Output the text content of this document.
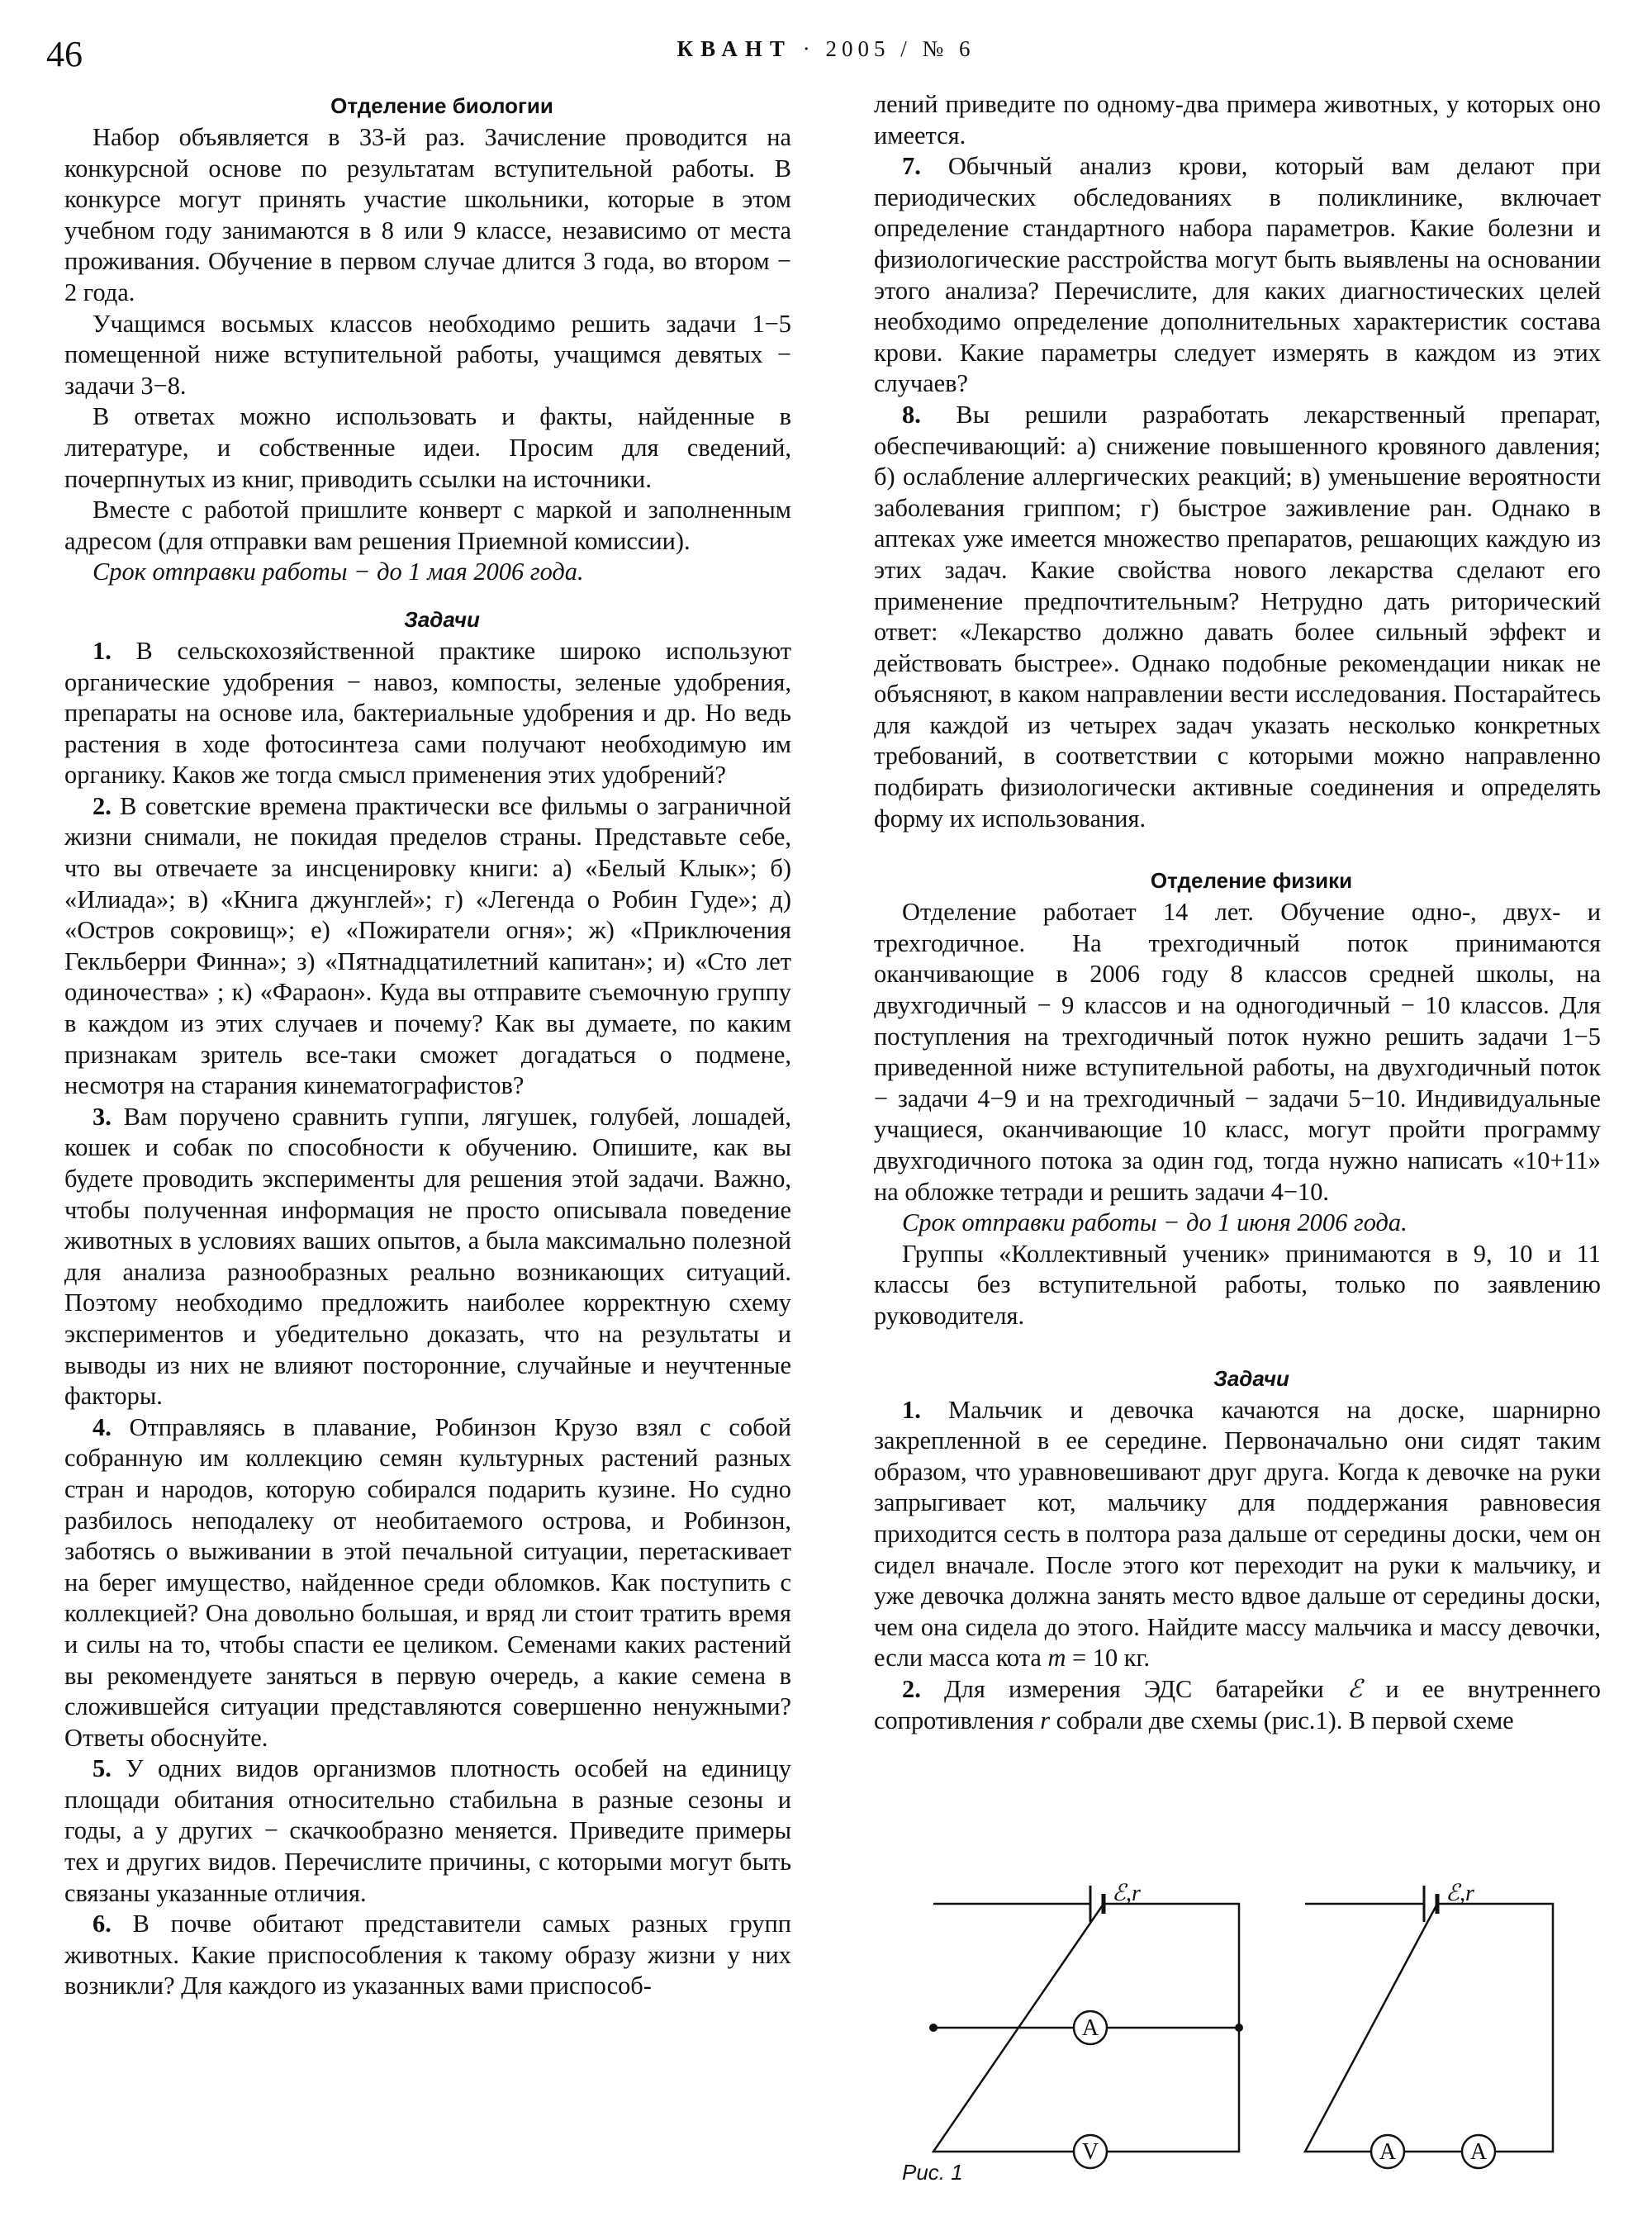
46	КВАНТ · 2005 / № 6

Отделение биологии

Набор объявляется в 33-й раз. Зачисление проводится на конкурсной основе по результатам вступительной работы. В конкурсе могут принять участие школьники, которые в этом учебном году занимаются в 8 или 9 классе, независимо от места проживания. Обучение в первом случае длится 3 года, во втором − 2 года.

Учащимся восьмых классов необходимо решить задачи 1−5 помещенной ниже вступительной работы, учащимся девятых − задачи 3−8.

В ответах можно использовать и факты, найденные в литературе, и собственные идеи. Просим для сведений, почерпнутых из книг, приводить ссылки на источники.

Вместе с работой пришлите конверт с маркой и заполненным адресом (для отправки вам решения Приемной комиссии).

Срок отправки работы − до 1 мая 2006 года.

Задачи

1. В сельскохозяйственной практике широко используют органические удобрения − навоз, компосты, зеленые удобрения, препараты на основе ила, бактериальные удобрения и др. Но ведь растения в ходе фотосинтеза сами получают необходимую им органику. Каков же тогда смысл применения этих удобрений?

2. В советские времена практически все фильмы о заграничной жизни снимали, не покидая пределов страны. Представьте себе, что вы отвечаете за инсценировку книги: а) «Белый Клык»; б) «Илиада»; в) «Книга джунглей»; г) «Легенда о Робин Гуде»; д) «Остров сокровищ»; е) «Пожиратели огня»; ж) «Приключения Гекльберри Финна»; з) «Пятнадцатилетний капитан»; и) «Сто лет одиночества» ; к) «Фараон». Куда вы отправите съемочную группу в каждом из этих случаев и почему? Как вы думаете, по каким признакам зритель все-таки сможет догадаться о подмене, несмотря на старания кинематографистов?

3. Вам поручено сравнить гуппи, лягушек, голубей, лошадей, кошек и собак по способности к обучению. Опишите, как вы будете проводить эксперименты для решения этой задачи. Важно, чтобы полученная информация не просто описывала поведение животных в условиях ваших опытов, а была максимально полезной для анализа разнообразных реально возникающих ситуаций. Поэтому необходимо предложить наиболее корректную схему экспериментов и убедительно доказать, что на результаты и выводы из них не влияют посторонние, случайные и неучтенные факторы.

4. Отправляясь в плавание, Робинзон Крузо взял с собой собранную им коллекцию семян культурных растений разных стран и народов, которую собирался подарить кузине. Но судно разбилось неподалеку от необитаемого острова, и Робинзон, заботясь о выживании в этой печальной ситуации, перетаскивает на берег имущество, найденное среди обломков. Как поступить с коллекцией? Она довольно большая, и вряд ли стоит тратить время и силы на то, чтобы спасти ее целиком. Семенами каких растений вы рекомендуете заняться в первую очередь, а какие семена в сложившейся ситуации представляются совершенно ненужными? Ответы обоснуйте.

5. У одних видов организмов плотность особей на единицу площади обитания относительно стабильна в разные сезоны и годы, а у других − скачкообразно меняется. Приведите примеры тех и других видов. Перечислите причины, с которыми могут быть связаны указанные отличия.

6. В почве обитают представители самых разных групп животных. Какие приспособления к такому образу жизни у них возникли? Для каждого из указанных вами приспособ-

лений приведите по одному-два примера животных, у которых оно имеется.

7. Обычный анализ крови, который вам делают при периодических обследованиях в поликлинике, включает определение стандартного набора параметров. Какие болезни и физиологические расстройства могут быть выявлены на основании этого анализа? Перечислите, для каких диагностических целей необходимо определение дополнительных характеристик состава крови. Какие параметры следует измерять в каждом из этих случаев?

8. Вы решили разработать лекарственный препарат, обеспечивающий: а) снижение повышенного кровяного давления; б) ослабление аллергических реакций; в) уменьшение вероятности заболевания гриппом; г) быстрое заживление ран. Однако в аптеках уже имеется множество препаратов, решающих каждую из этих задач. Какие свойства нового лекарства сделают его применение предпочтительным? Нетрудно дать риторический ответ: «Лекарство должно давать более сильный эффект и действовать быстрее». Однако подобные рекомендации никак не объясняют, в каком направлении вести исследования. Постарайтесь для каждой из четырех задач указать несколько конкретных требований, в соответствии с которыми можно направленно подбирать физиологически активные соединения и определять форму их использования.

Отделение физики

Отделение работает 14 лет. Обучение одно-, двух- и трехгодичное. На трехгодичный поток принимаются оканчивающие в 2006 году 8 классов средней школы, на двухгодичный − 9 классов и на одногодичный − 10 классов. Для поступления на трехгодичный поток нужно решить задачи 1−5 приведенной ниже вступительной работы, на двухгодичный поток − задачи 4−9 и на трехгодичный − задачи 5−10. Индивидуальные учащиеся, оканчивающие 10 класс, могут пройти программу двухгодичного потока за один год, тогда нужно написать «10+11» на обложке тетради и решить задачи 4−10.

Срок отправки работы − до 1 июня 2006 года.

Группы «Коллективный ученик» принимаются в 9, 10 и 11 классы без вступительной работы, только по заявлению руководителя.

Задачи

1. Мальчик и девочка качаются на доске, шарнирно закрепленной в ее середине. Первоначально они сидят таким образом, что уравновешивают друг друга. Когда к девочке на руки запрыгивает кот, мальчику для поддержания равновесия приходится сесть в полтора раза дальше от середины доски, чем он сидел вначале. После этого кот переходит на руки к мальчику, и уже девочка должна занять место вдвое дальше от середины доски, чем она сидела до этого. Найдите массу мальчика и массу девочки, если масса кота m = 10 кг.

2. Для измерения ЭДС батарейки ℰ и ее внутреннего сопротивления r собрали две схемы (рис.1). В первой схеме

ℰ,r	ℰ,r
A
V	A	A
Рис. 1
